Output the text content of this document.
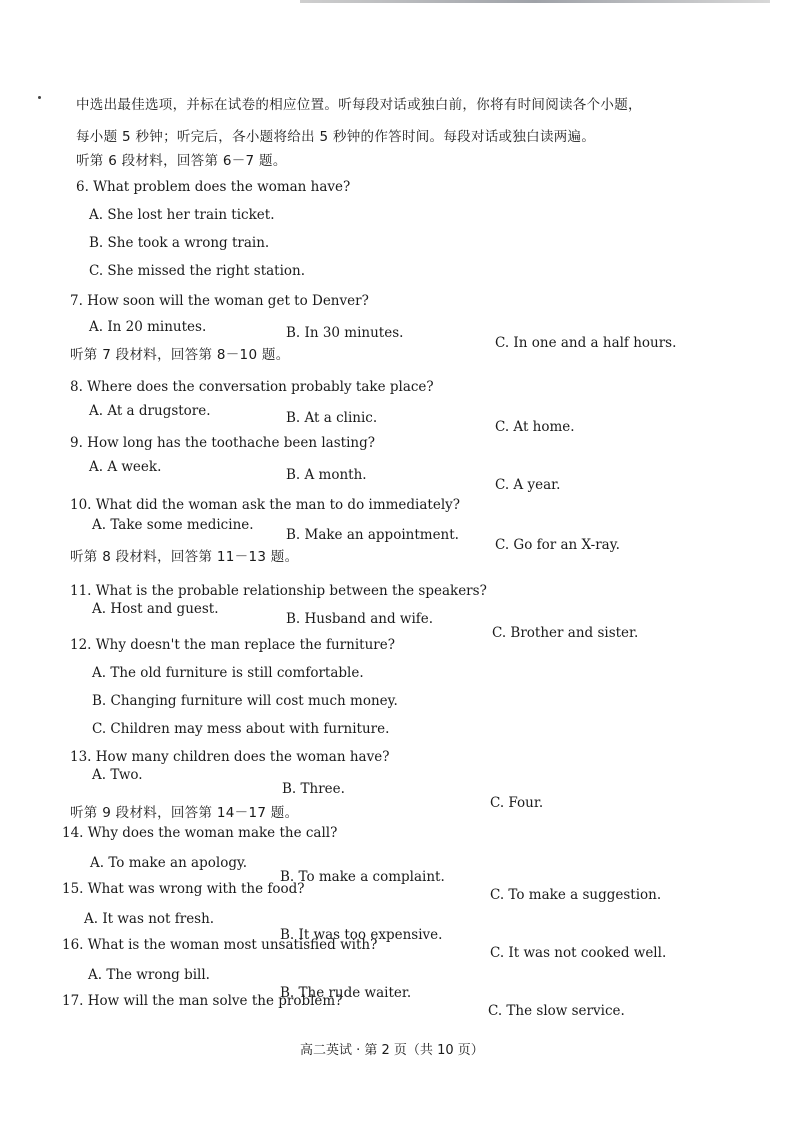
中选出最佳选项，并标在试卷的相应位置。听每段对话或独白前，你将有时间阅读各个小题，
每小题 5 秒钟；听完后，各小题将给出 5 秒钟的作答时间。每段对话或独白读两遍。
听第 6 段材料，回答第 6－7 题。
6. What problem does the woman have?
A. She lost her train ticket.
B. She took a wrong train.
C. She missed the right station.
7. How soon will the woman get to Denver?
A. In 20 minutes.	B. In 30 minutes.
C. In one and a half hours.
听第 7 段材料，回答第 8－10 题。
8. Where does the conversation probably take place?
A. At a drugstore.	B. At a clinic.
C. At home.
9. How long has the toothache been lasting?
A. A week.	B. A month.
C. A year.
10. What did the woman ask the man to do immediately?
A. Take some medicine.
B. Make an appointment.
C. Go for an X-ray.
听第 8 段材料，回答第 11－13 题。
11. What is the probable relationship between the speakers?
A. Host and guest.
B. Husband and wife.
C. Brother and sister.
12. Why doesn't the man replace the furniture?
A. The old furniture is still comfortable.
B. Changing furniture will cost much money.
C. Children may mess about with furniture.
13. How many children does the woman have?
A. Two.
B. Three.
C. Four.
听第 9 段材料，回答第 14－17 题。
14. Why does the woman make the call?
A. To make an apology.
B. To make a complaint.
C. To make a suggestion.
15. What was wrong with the food?
A. It was not fresh.
B. It was too expensive.
C. It was not cooked well.
16. What is the woman most unsatisfied with?
A. The wrong bill.
B. The rude waiter.
C. The slow service.
17. How will the man solve the problem?
高二英试 · 第 2 页（共 10 页）
